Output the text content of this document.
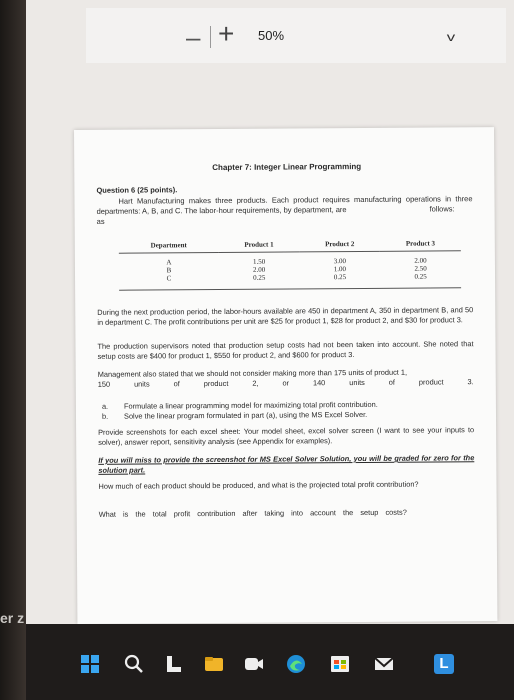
er z
– + 50%	v
Chapter 7: Integer Linear Programming
Question 6 (25 points).
Hart Manufacturing makes three products. Each product requires manufacturing operations in three departments: A, B, and C. The labor-hour requirements, by department, are	follows:
as
Department	Product 1	Product 2	Product 3

A	1.50	3.00	2.00
B	2.00	1.00	2.50
C	0.25	0.25	0.25
During the next production period, the labor-hours available are 450 in department A, 350 in department B, and 50 in department C. The profit contributions per unit are $25 for product 1, $28 for product 2, and $30 for product 3.
The production supervisors noted that production setup costs had not been taken into account. She noted that setup costs are $400 for product 1, $550 for product 2, and $600 for product 3.
Management also stated that we should not consider making more than 175 units of product 1,
150	units	of	product	2,	or	140	units	of	product	3.
a. Formulate a linear programming model for maximizing total profit contribution.
b. Solve the linear program formulated in part (a), using the MS Excel Solver.
Provide screenshots for each excel sheet: Your model sheet, excel solver screen (I want to see your inputs to solver), answer report, sensitivity analysis (see Appendix for examples).
If you will miss to provide the screenshot for MS Excel Solver Solution, you will be graded for zero for the solution part.
How much of each product should be produced, and what is the projected total profit contribution?
What is the total profit contribution after taking into account the setup costs?
L
